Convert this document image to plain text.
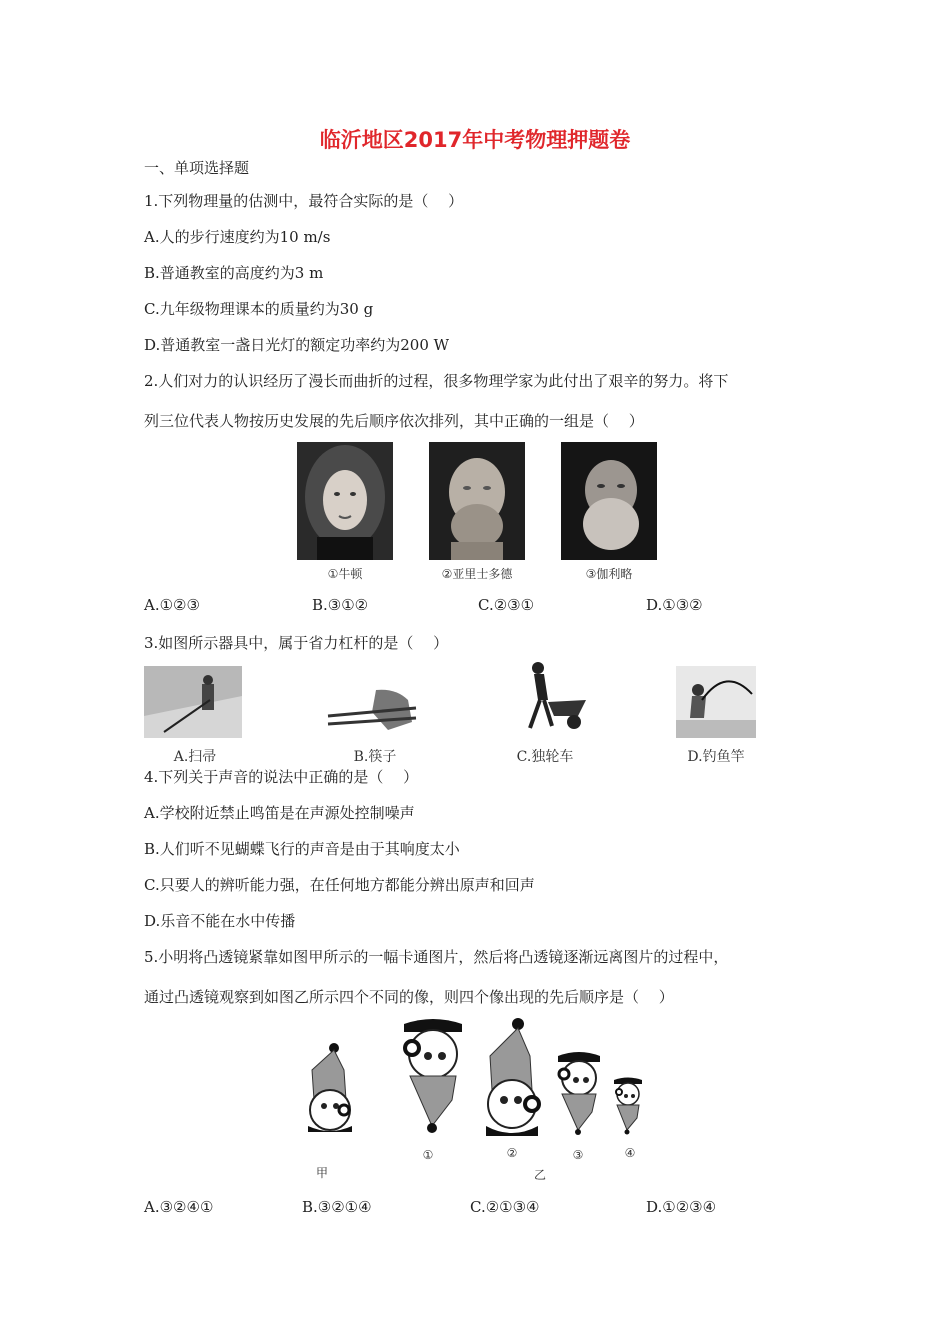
临沂地区2017年中考物理押题卷
一、单项选择题
1.下列物理量的估测中，最符合实际的是（　 ）
A.人的步行速度约为10 m/s
B.普通教室的高度约为3 m
C.九年级物理课本的质量约为30 g
D.普通教室一盏日光灯的额定功率约为200 W
2.人们对力的认识经历了漫长而曲折的过程，很多物理学家为此付出了艰辛的努力。将下
列三位代表人物按历史发展的先后顺序依次排列，其中正确的一组是（　 ）
①牛顿	②亚里士多德	③伽利略
A.①②③	B.③①②	C.②③①	D.①③②
3.如图所示器具中，属于省力杠杆的是（　 ）
A.扫帚	B.筷子	C.独轮车	D.钓鱼竿
4.下列关于声音的说法中正确的是（　 ）
A.学校附近禁止鸣笛是在声源处控制噪声
B.人们听不见蝴蝶飞行的声音是由于其响度太小
C.只要人的辨听能力强，在任何地方都能分辨出原声和回声
D.乐音不能在水中传播
5.小明将凸透镜紧靠如图甲所示的一幅卡通图片，然后将凸透镜逐渐远离图片的过程中，
通过凸透镜观察到如图乙所示四个不同的像，则四个像出现的先后顺序是（　 ）
甲
①	②	③	④
乙
A.③②④①	B.③②①④	C.②①③④	D.①②③④
